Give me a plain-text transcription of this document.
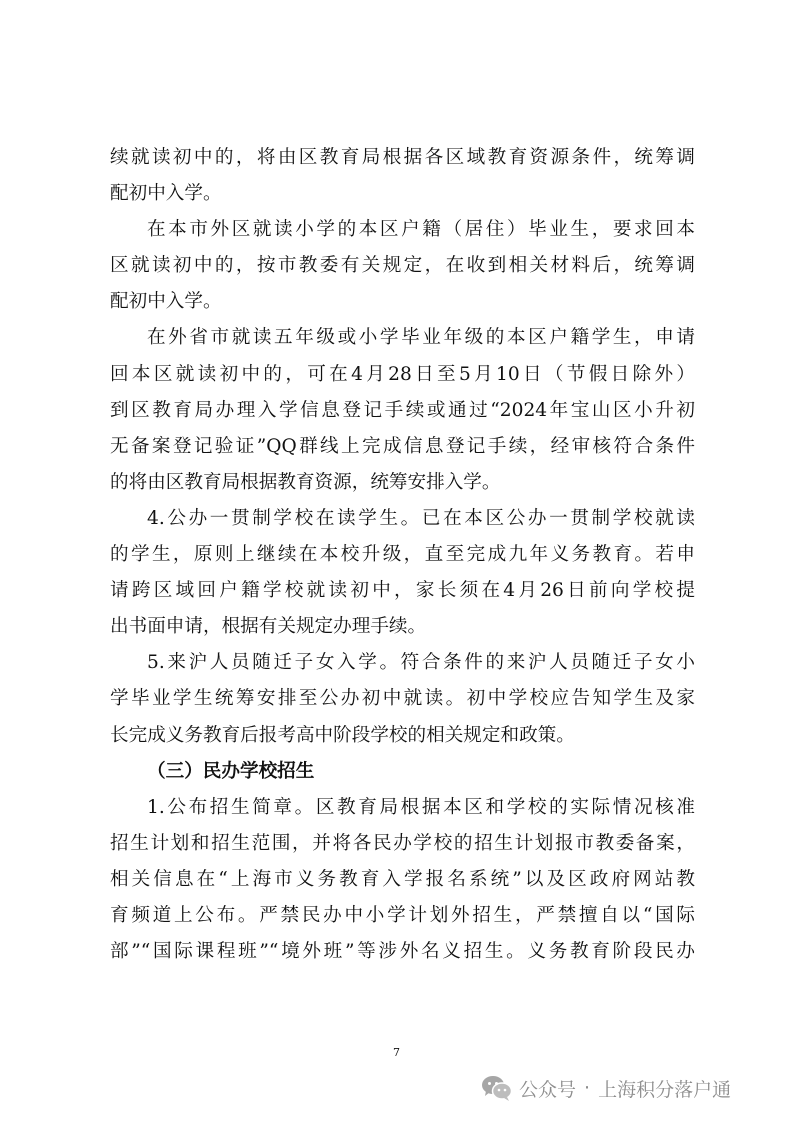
续就读初中的，将由区教育局根据各区域教育资源条件，统筹调
配初中入学。
在本市外区就读小学的本区户籍（居住）毕业生，要求回本
区就读初中的，按市教委有关规定，在收到相关材料后，统筹调
配初中入学。
在外省市就读五年级或小学毕业年级的本区户籍学生，申请
回本区就读初中的，可在4月28日至5月10日（节假日除外）
到区教育局办理入学信息登记手续或通过“2024年宝山区小升初
无备案登记验证”QQ群线上完成信息登记手续，经审核符合条件
的将由区教育局根据教育资源，统筹安排入学。
4.公办一贯制学校在读学生。已在本区公办一贯制学校就读
的学生，原则上继续在本校升级，直至完成九年义务教育。若申
请跨区域回户籍学校就读初中，家长须在4月26日前向学校提
出书面申请，根据有关规定办理手续。
5.来沪人员随迁子女入学。符合条件的来沪人员随迁子女小
学毕业学生统筹安排至公办初中就读。初中学校应告知学生及家
长完成义务教育后报考高中阶段学校的相关规定和政策。
（三）民办学校招生
1.公布招生简章。区教育局根据本区和学校的实际情况核准
招生计划和招生范围，并将各民办学校的招生计划报市教委备案，
相关信息在“上海市义务教育入学报名系统”以及区政府网站教
育频道上公布。严禁民办中小学计划外招生，严禁擅自以“国际
部”“国际课程班”“境外班”等涉外名义招生。义务教育阶段民办
7
公众号 · 上海积分落户通
